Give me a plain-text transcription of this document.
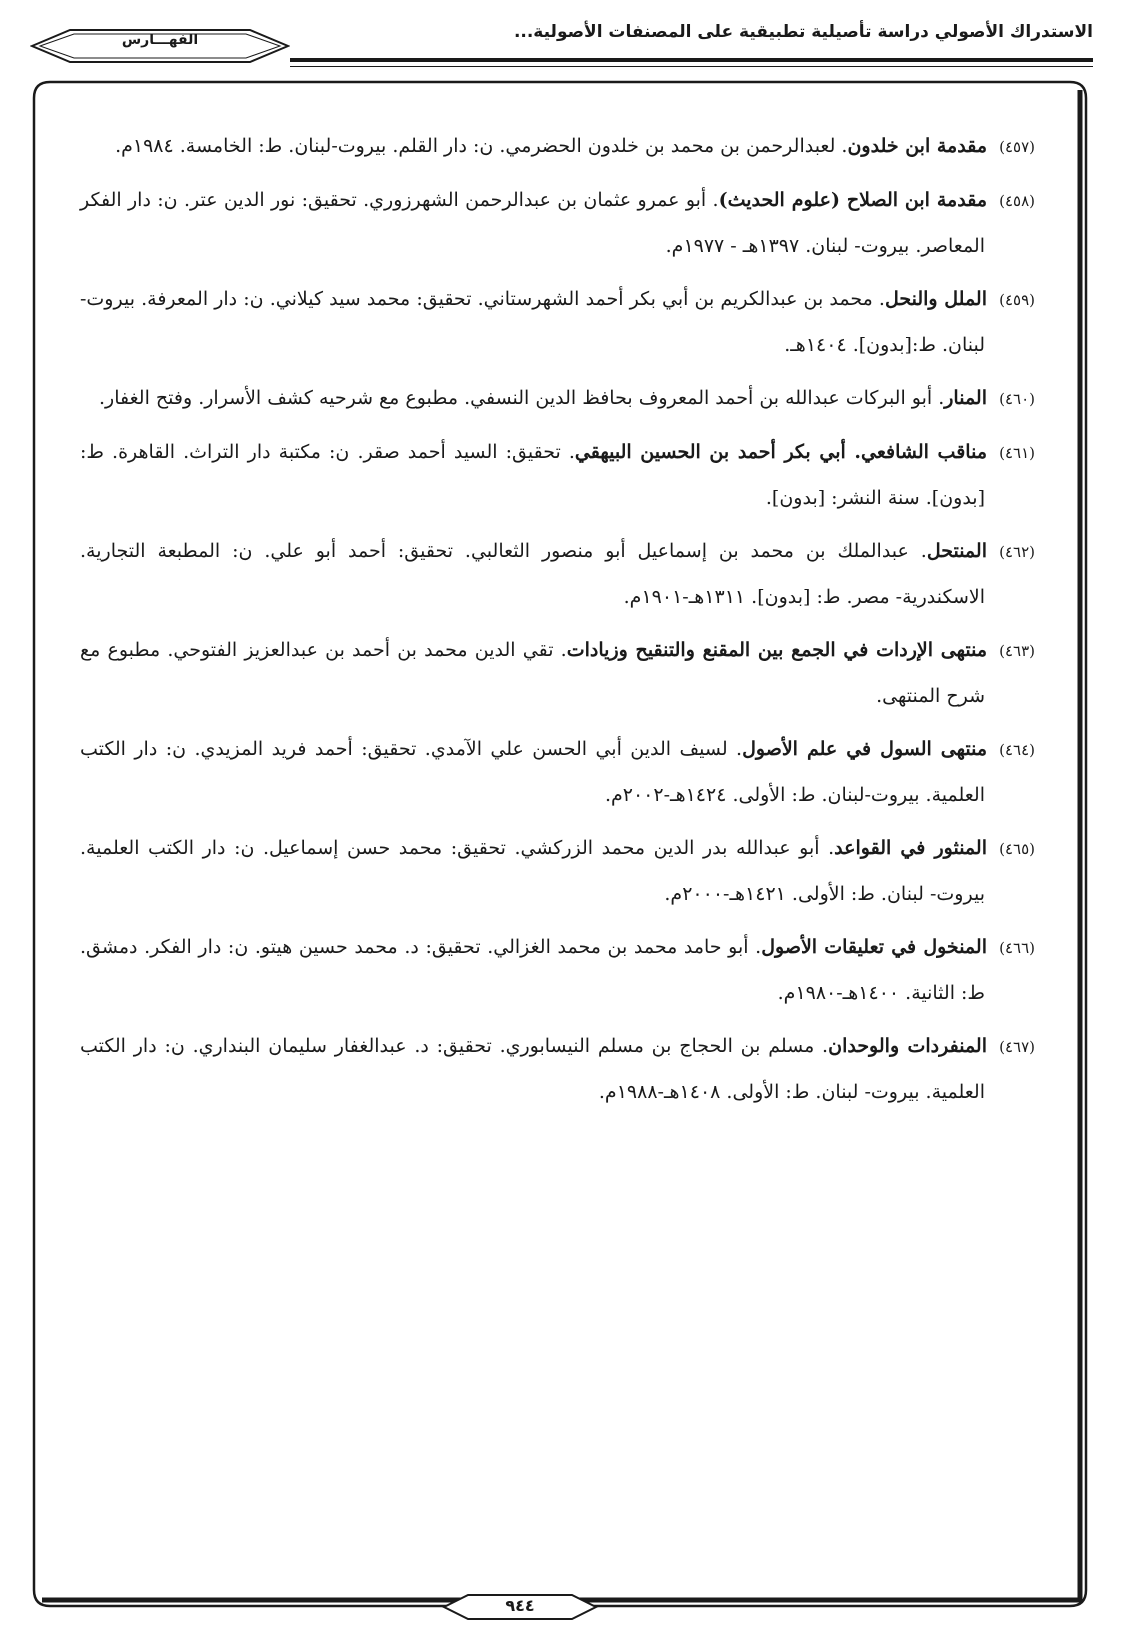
الاستدراك الأصولي دراسة تأصيلية تطبيقية على المصنفات الأصولية...
الفهـــارس
٩٤٤
(٤٥٧)مقدمة ابن خلدون. لعبدالرحمن بن محمد بن خلدون الحضرمي. ن: دار القلم. بيروت-لبنان. ط: الخامسة. ١٩٨٤م.
(٤٥٨)مقدمة ابن الصلاح (علوم الحديث). أبو عمرو عثمان بن عبدالرحمن الشهرزوري. تحقيق: نور الدين عتر. ن: دار الفكر المعاصر. بيروت- لبنان. ١٣٩٧هـ - ١٩٧٧م.
(٤٥٩)الملل والنحل. محمد بن عبدالكريم بن أبي بكر أحمد الشهرستاني. تحقيق: محمد سيد كيلاني. ن: دار المعرفة. بيروت- لبنان. ط:[بدون]. ١٤٠٤هـ.
(٤٦٠)المنار. أبو البركات عبدالله بن أحمد المعروف بحافظ الدين النسفي. مطبوع مع شرحيه كشف الأسرار. وفتح الغفار.
(٤٦١)مناقب الشافعي. أبي بكر أحمد بن الحسين البيهقي. تحقيق: السيد أحمد صقر. ن: مكتبة دار التراث. القاهرة. ط: [بدون]. سنة النشر: [بدون].
(٤٦٢)المنتحل. عبدالملك بن محمد بن إسماعيل أبو منصور الثعالبي. تحقيق: أحمد أبو علي. ن: المطبعة التجارية. الاسكندرية- مصر. ط: [بدون]. ١٣١١هـ-١٩٠١م.
(٤٦٣)منتهى الإردات في الجمع بين المقنع والتنقيح وزيادات. تقي الدين محمد بن أحمد بن عبدالعزيز الفتوحي. مطبوع مع شرح المنتهى.
(٤٦٤)منتهى السول في علم الأصول. لسيف الدين أبي الحسن علي الآمدي. تحقيق: أحمد فريد المزيدي. ن: دار الكتب العلمية. بيروت-لبنان. ط: الأولى. ١٤٢٤هـ-٢٠٠٢م.
(٤٦٥)المنثور في القواعد. أبو عبدالله بدر الدين محمد الزركشي. تحقيق: محمد حسن إسماعيل. ن: دار الكتب العلمية. بيروت- لبنان. ط: الأولى. ١٤٢١هـ-٢٠٠٠م.
(٤٦٦)المنخول في تعليقات الأصول. أبو حامد محمد بن محمد الغزالي. تحقيق: د. محمد حسين هيتو. ن: دار الفكر. دمشق. ط: الثانية. ١٤٠٠هـ-١٩٨٠م.
(٤٦٧)المنفردات والوحدان. مسلم بن الحجاج بن مسلم النيسابوري. تحقيق: د. عبدالغفار سليمان البنداري. ن: دار الكتب العلمية. بيروت- لبنان. ط: الأولى. ١٤٠٨هـ-١٩٨٨م.
